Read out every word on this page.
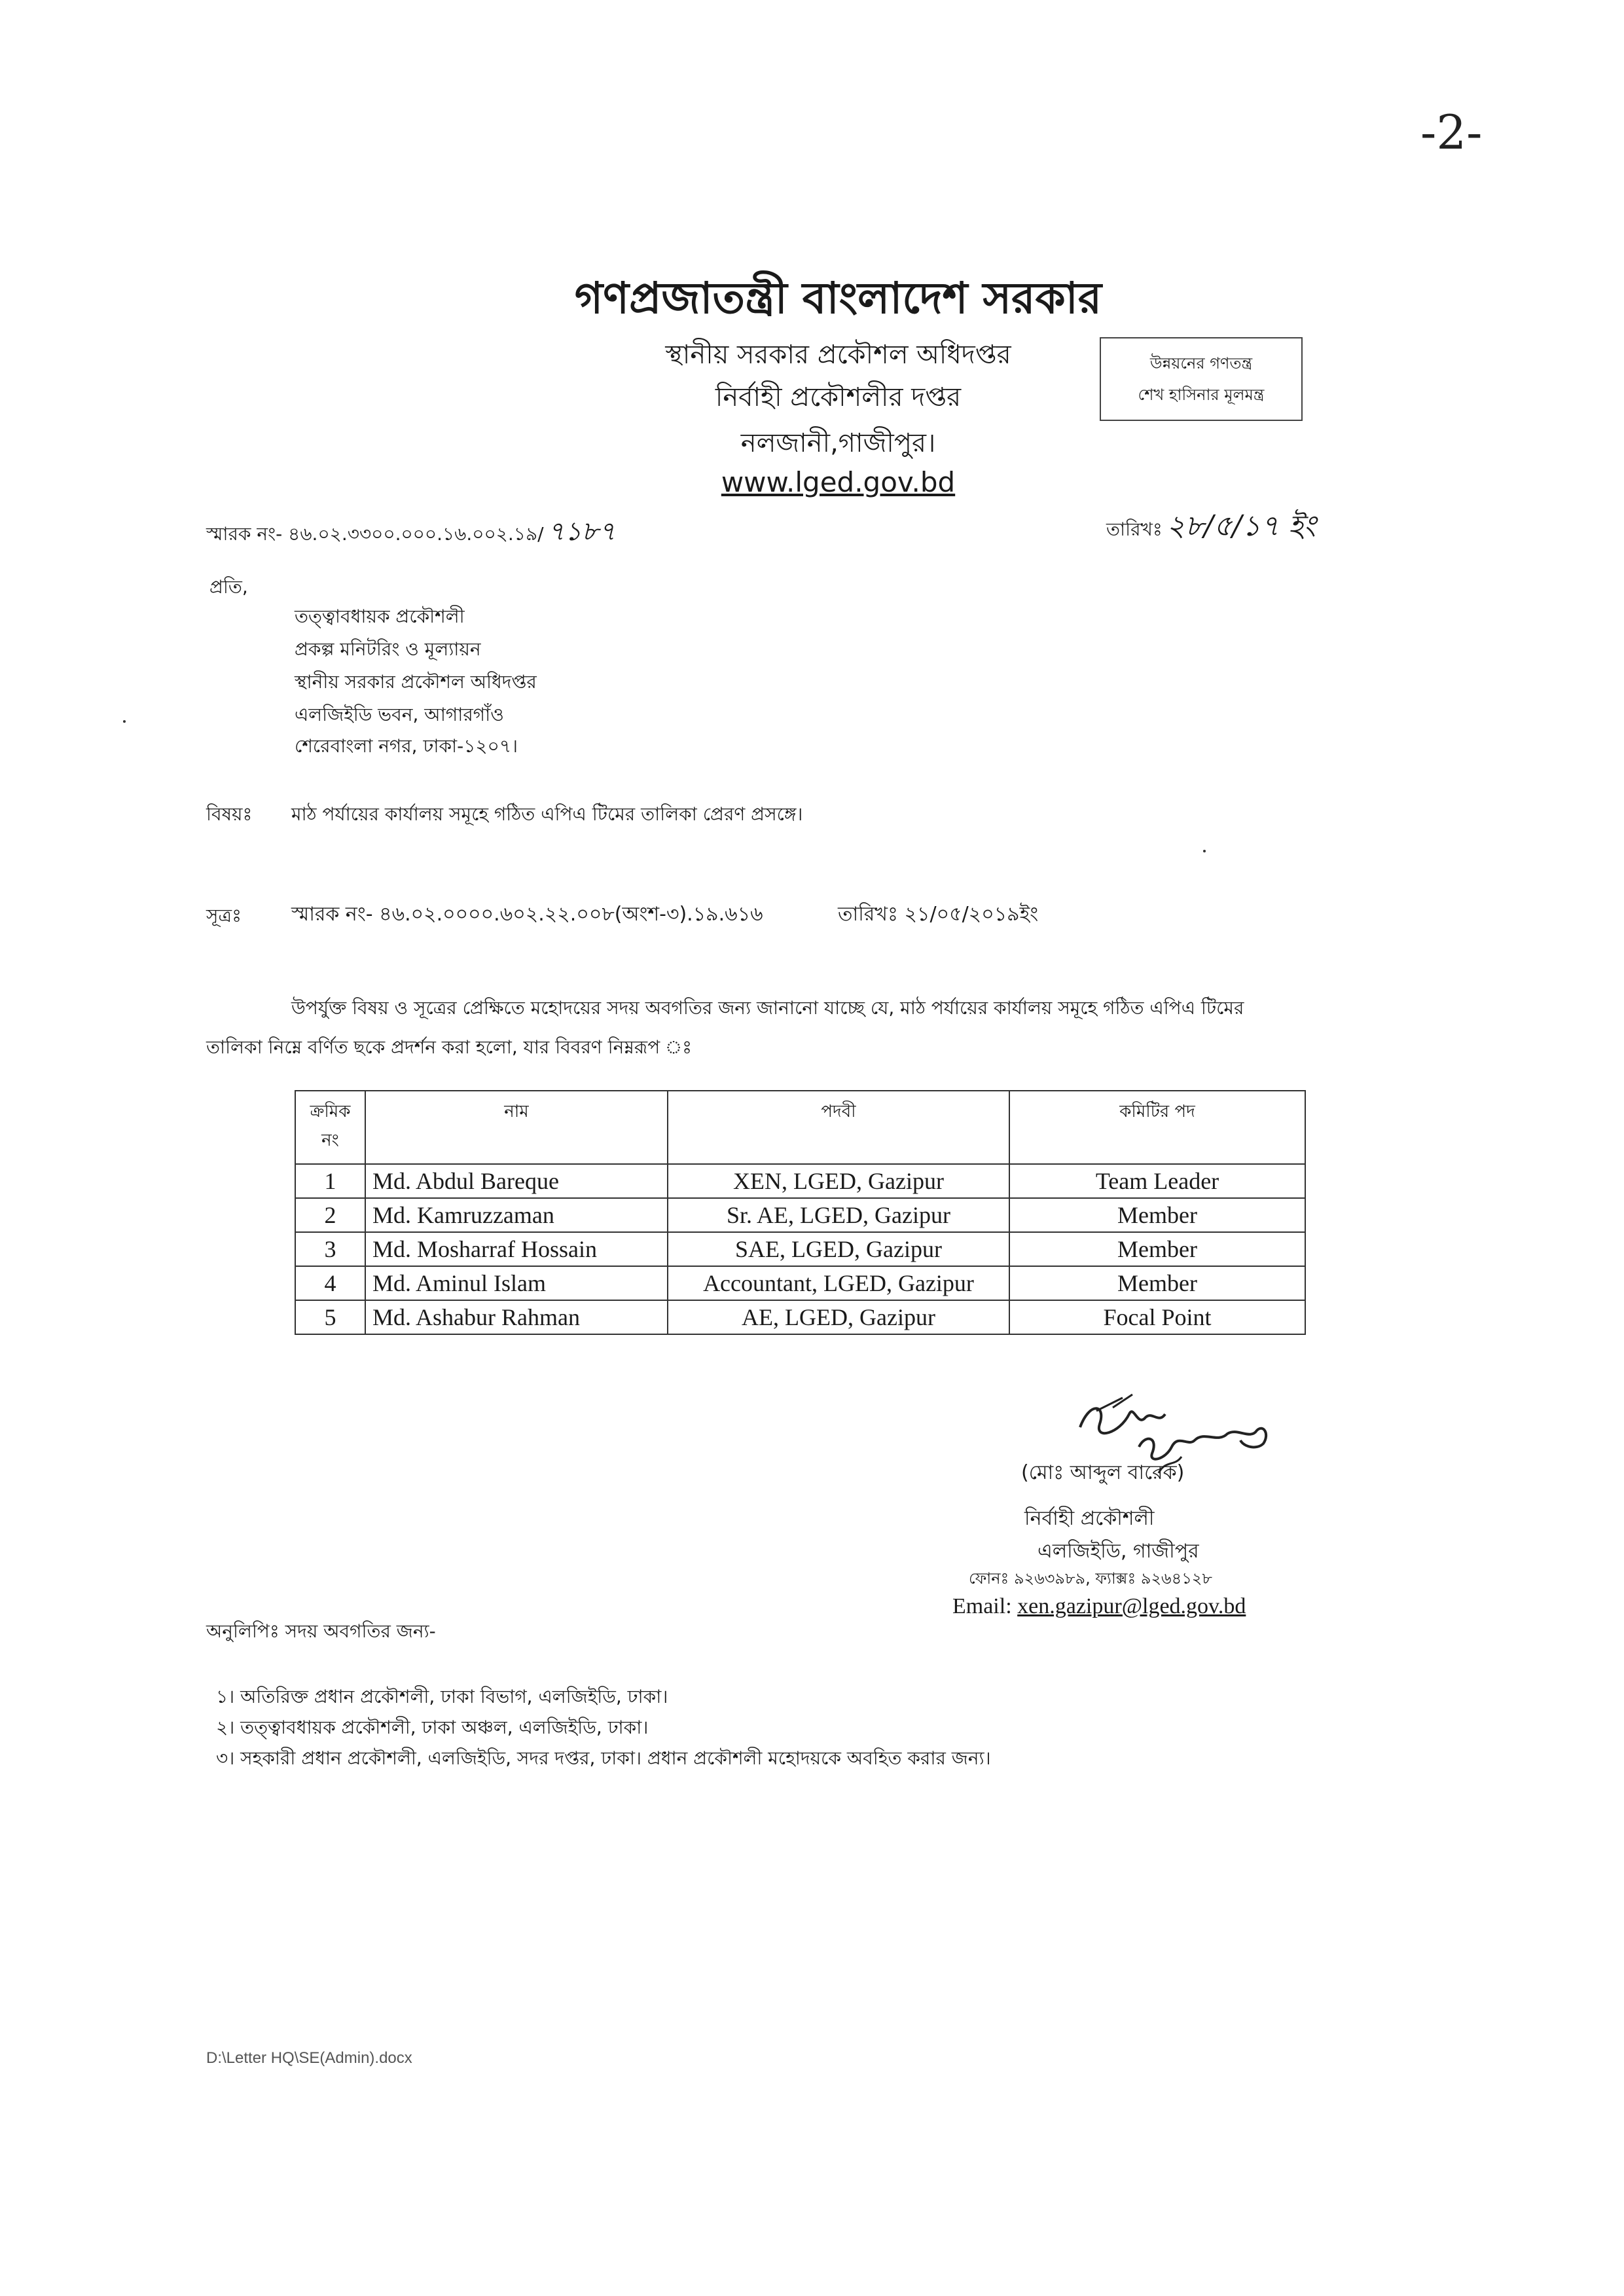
-2-
গণপ্রজাতন্ত্রী বাংলাদেশ সরকার
স্থানীয় সরকার প্রকৌশল অধিদপ্তর
নির্বাহী প্রকৌশলীর দপ্তর
নলজানী,গাজীপুর।
www.lged.gov.bd
উন্নয়নের গণতন্ত্র
শেখ হাসিনার মূলমন্ত্র
স্মারক নং- ৪৬.০২.৩৩০০.০০০.১৬.০০২.১৯/ ৭১৮৭	তারিখঃ ২৮/৫/১৭ ইং
প্রতি,
তত্ত্বাবধায়ক প্রকৌশলী
প্রকল্প মনিটরিং ও মূল্যায়ন
স্থানীয় সরকার প্রকৌশল অধিদপ্তর
এলজিইডি ভবন, আগারগাঁও
শেরেবাংলা নগর, ঢাকা-১২০৭।
বিষয়ঃ মাঠ পর্যায়ের কার্যালয় সমূহে গঠিত এপিএ টিমের তালিকা প্রেরণ প্রসঙ্গে।
সূত্রঃ	স্মারক নং- ৪৬.০২.০০০০.৬০২.২২.০০৮(অংশ-৩).১৯.৬১৬	তারিখঃ ২১/০৫/২০১৯ইং
উপর্যুক্ত বিষয় ও সূত্রের প্রেক্ষিতে মহোদয়ের সদয় অবগতির জন্য জানানো যাচ্ছে যে, মাঠ পর্যায়ের কার্যালয় সমূহে গঠিত এপিএ টিমের
তালিকা নিম্নে বর্ণিত ছকে প্রদর্শন করা হলো, যার বিবরণ নিম্নরূপ ঃ
ক্রমিক নং	নাম	পদবী	কমিটির পদ
1	Md. Abdul Bareque	XEN, LGED, Gazipur	Team Leader
2	Md. Kamruzzaman	Sr. AE, LGED, Gazipur	Member
3	Md. Mosharraf Hossain	SAE, LGED, Gazipur	Member
4	Md. Aminul Islam	Accountant, LGED, Gazipur	Member
5	Md. Ashabur Rahman	AE, LGED, Gazipur	Focal Point
(মোঃ আব্দুল বারেক)
নির্বাহী প্রকৌশলী
এলজিইডি, গাজীপুর
ফোনঃ ৯২৬৩৯৮৯, ফ্যাক্সঃ ৯২৬৪১২৮
Email: xen.gazipur@lged.gov.bd
অনুলিপিঃ সদয় অবগতির জন্য-
১। অতিরিক্ত প্রধান প্রকৌশলী, ঢাকা বিভাগ, এলজিইডি, ঢাকা।
২। তত্ত্বাবধায়ক প্রকৌশলী, ঢাকা অঞ্চল, এলজিইডি, ঢাকা।
৩। সহকারী প্রধান প্রকৌশলী, এলজিইডি, সদর দপ্তর, ঢাকা। প্রধান প্রকৌশলী মহোদয়কে অবহিত করার জন্য।
D:\Letter HQ\SE(Admin).docx
